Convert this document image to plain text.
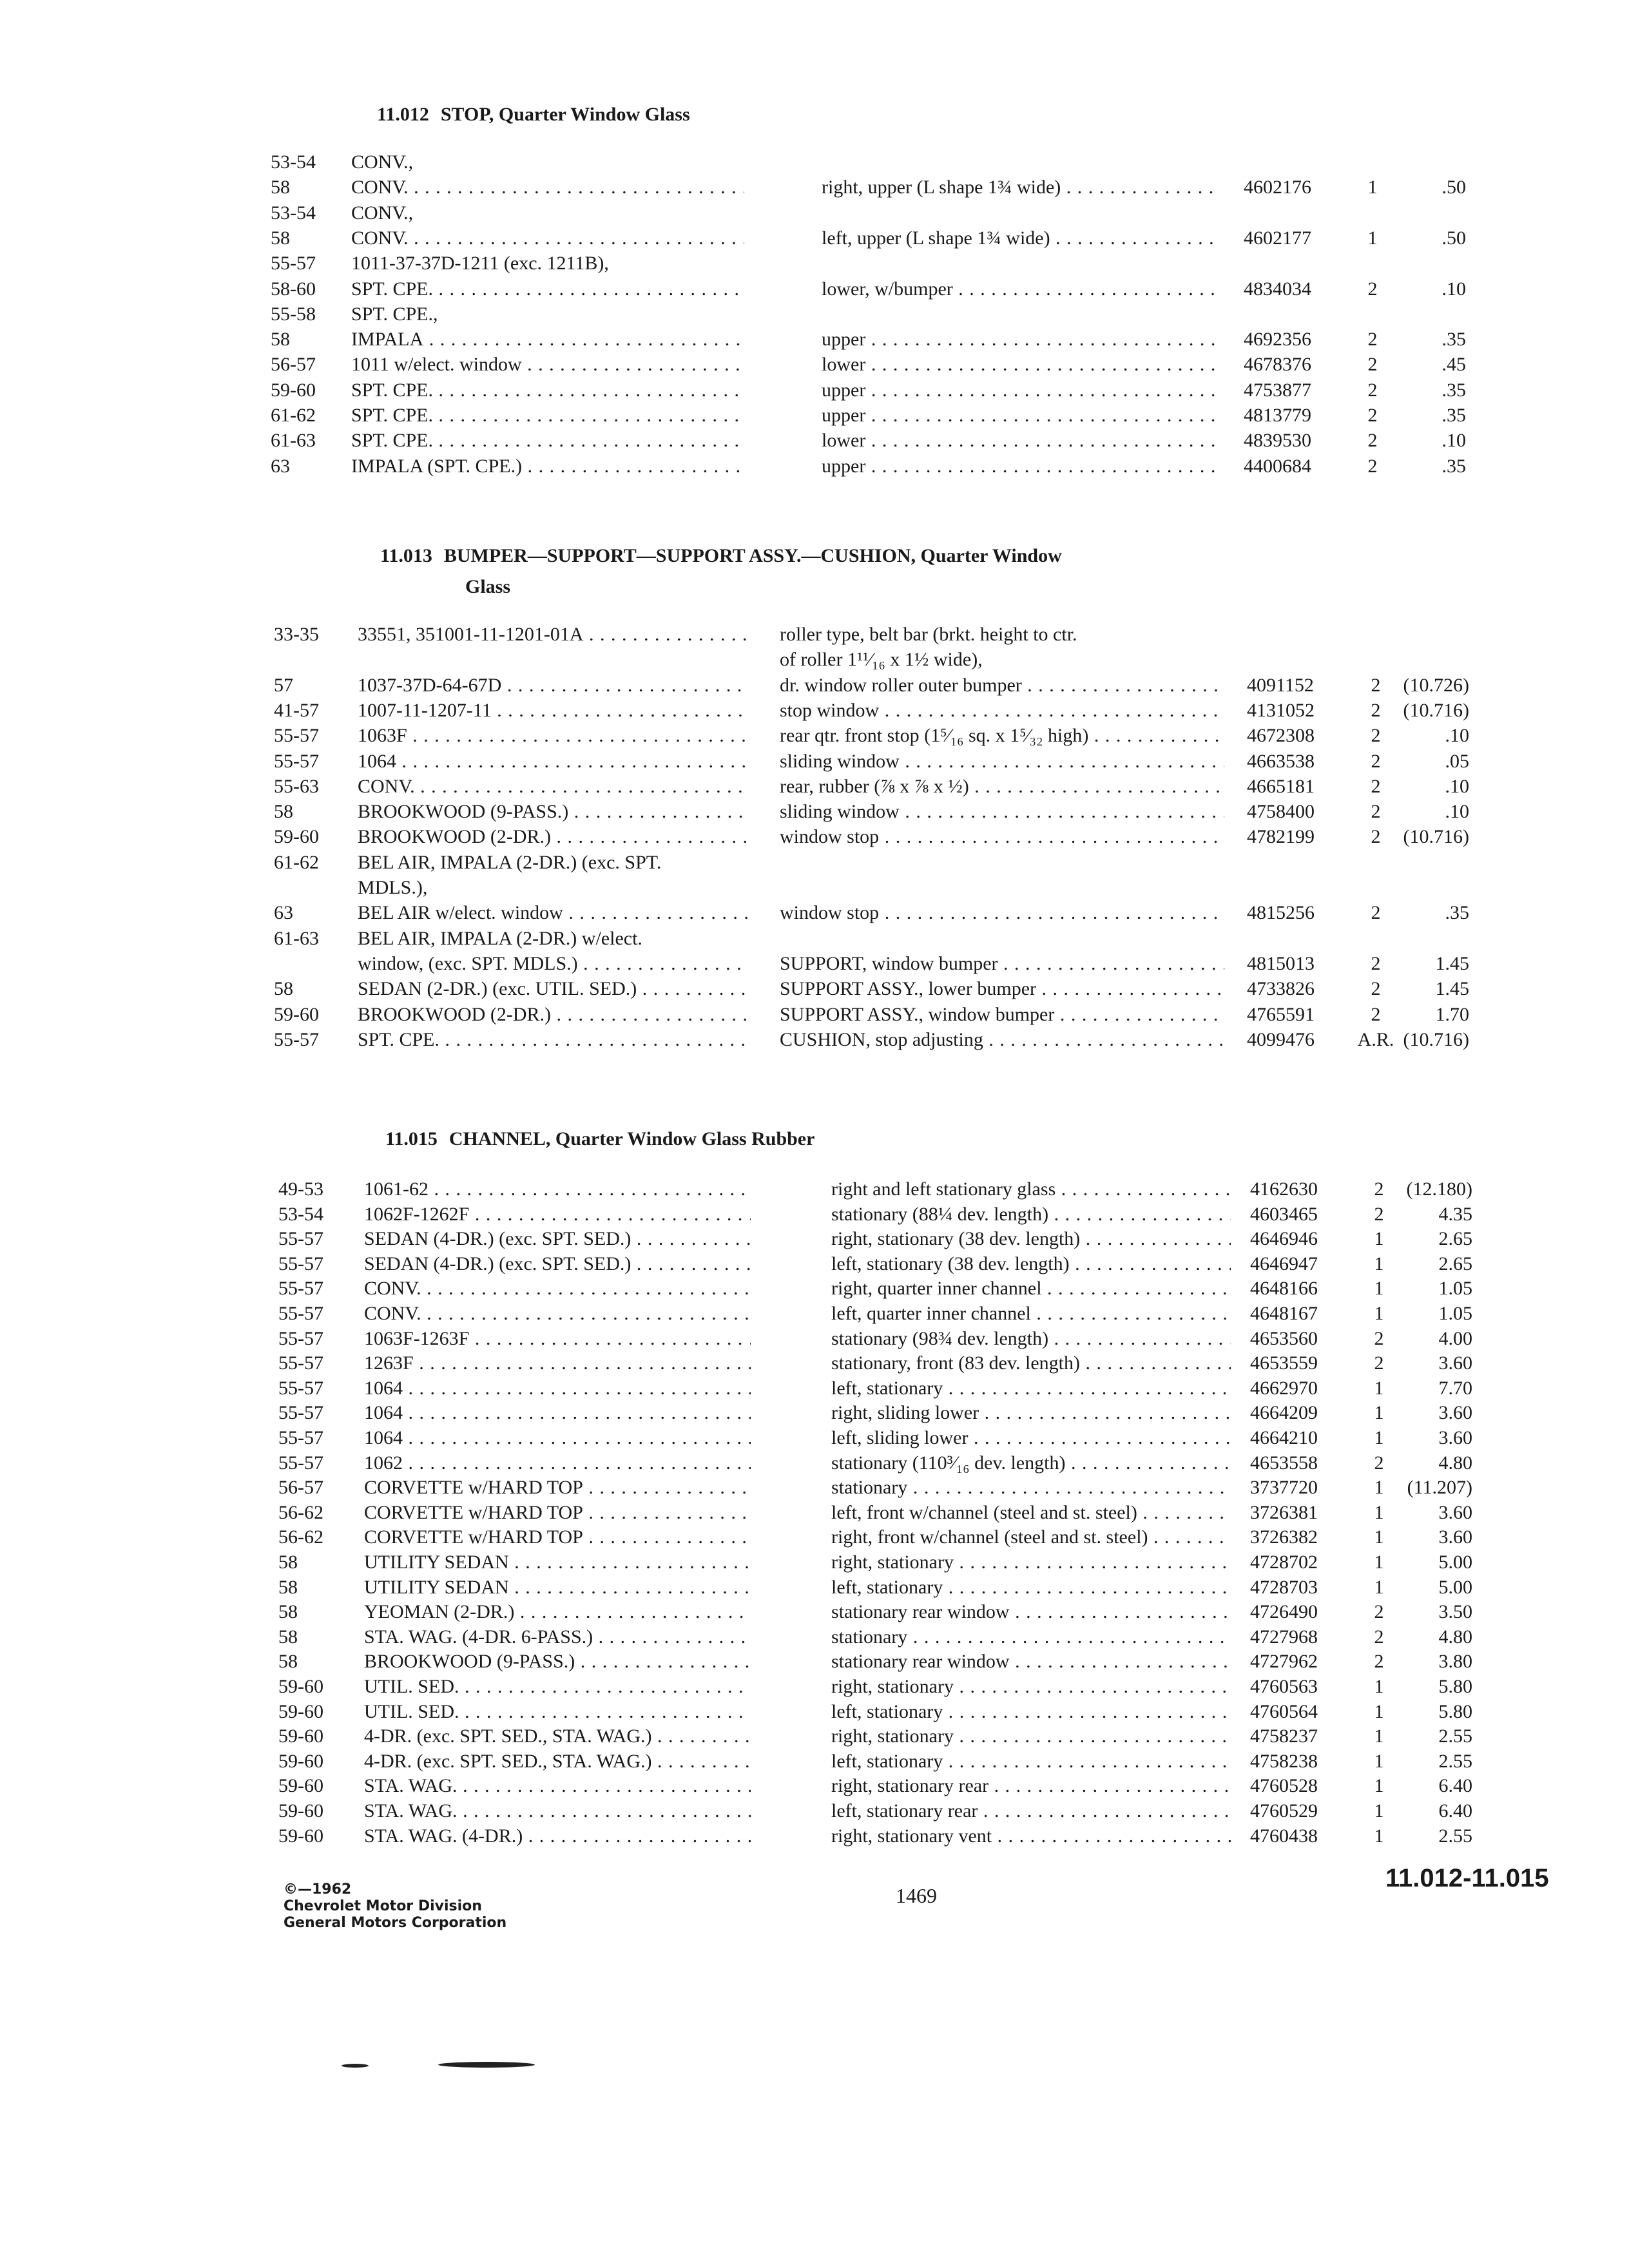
11.012 STOP, Quarter Window Glass
53-54	CONV.,
58	CONV. . . .	right, upper (L shape 1¾ wide) . . .	4602176	1	.50
53-54	CONV.,
58	CONV. . . .	left, upper (L shape 1¾ wide) . . .	4602177	1	.50
55-57	1011-37-37D-1211 (exc. 1211B),
58-60	SPT. CPE. . . .	lower, w/bumper . . .	4834034	2	.10
55-58	SPT. CPE.,
58	IMPALA . . .	upper . . .	4692356	2	.35
56-57	1011 w/elect. window . . .	lower . . .	4678376	2	.45
59-60	SPT. CPE. . . .	upper . . .	4753877	2	.35
61-62	SPT. CPE. . . .	upper . . .	4813779	2	.35
61-63	SPT. CPE. . . .	lower . . .	4839530	2	.10
63	IMPALA (SPT. CPE.) . . .	upper . . .	4400684	2	.35
11.013 BUMPER—SUPPORT—SUPPORT ASSY.—CUSHION, Quarter Window
Glass
33-35	33551, 351001-11-1201-01A . . .	roller type, belt bar (brkt. height to ctr.
of roller 1¹¹⁄₁₆ x 1½ wide),
57	1037-37D-64-67D . . .	dr. window roller outer bumper . . .	4091152	2	(10.726)
41-57	1007-11-1207-11 . . .	stop window . . .	4131052	2	(10.716)
55-57	1063F . . .	rear qtr. front stop (1⁵⁄₁₆ sq. x 1⁵⁄₃₂ high) . . .	4672308	2	.10
55-57	1064 . . .	sliding window . . .	4663538	2	.05
55-63	CONV. . . .	rear, rubber (⅞ x ⅞ x ½) . . .	4665181	2	.10
58	BROOKWOOD (9-PASS.) . . .	sliding window . . .	4758400	2	.10
59-60	BROOKWOOD (2-DR.) . . .	window stop . . .	4782199	2	(10.716)
61-62	BEL AIR, IMPALA (2-DR.) (exc. SPT.
MDLS.),
63	BEL AIR w/elect. window . . .	window stop . . .	4815256	2	.35
61-63	BEL AIR, IMPALA (2-DR.) w/elect.
window, (exc. SPT. MDLS.) . . .	SUPPORT, window bumper . . .	4815013	2	1.45
58	SEDAN (2-DR.) (exc. UTIL. SED.) . . .	SUPPORT ASSY., lower bumper . . .	4733826	2	1.45
59-60	BROOKWOOD (2-DR.) . . .	SUPPORT ASSY., window bumper . . .	4765591	2	1.70
55-57	SPT. CPE. . . .	CUSHION, stop adjusting . . .	4099476	A.R. (10.716)
11.015 CHANNEL, Quarter Window Glass Rubber
49-53	1061-62 . . .	right and left stationary glass . . .	4162630	2	(12.180)
53-54	1062F-1262F . . .	stationary (88¼ dev. length) . . .	4603465	2	4.35
55-57	SEDAN (4-DR.) (exc. SPT. SED.) . . .	right, stationary (38 dev. length) . . .	4646946	1	2.65
55-57	SEDAN (4-DR.) (exc. SPT. SED.) . . .	left, stationary (38 dev. length) . . .	4646947	1	2.65
55-57	CONV. . . .	right, quarter inner channel . . .	4648166	1	1.05
55-57	CONV. . . .	left, quarter inner channel . . .	4648167	1	1.05
55-57	1063F-1263F . . .	stationary (98¾ dev. length) . . .	4653560	2	4.00
55-57	1263F . . .	stationary, front (83 dev. length) . . .	4653559	2	3.60
55-57	1064 . . .	left, stationary . . .	4662970	1	7.70
55-57	1064 . . .	right, sliding lower . . .	4664209	1	3.60
55-57	1064 . . .	left, sliding lower . . .	4664210	1	3.60
55-57	1062 . . .	stationary (110³⁄₁₆ dev. length) . . .	4653558	2	4.80
56-57	CORVETTE w/HARD TOP . . .	stationary . . .	3737720	1	(11.207)
56-62	CORVETTE w/HARD TOP . . .	left, front w/channel (steel and st. steel) . . .	3726381	1	3.60
56-62	CORVETTE w/HARD TOP . . .	right, front w/channel (steel and st. steel) . . .	3726382	1	3.60
58	UTILITY SEDAN . . .	right, stationary . . .	4728702	1	5.00
58	UTILITY SEDAN . . .	left, stationary . . .	4728703	1	5.00
58	YEOMAN (2-DR.) . . .	stationary rear window . . .	4726490	2	3.50
58	STA. WAG. (4-DR. 6-PASS.) . . .	stationary . . .	4727968	2	4.80
58	BROOKWOOD (9-PASS.) . . .	stationary rear window . . .	4727962	2	3.80
59-60	UTIL. SED. . . .	right, stationary . . .	4760563	1	5.80
59-60	UTIL. SED. . . .	left, stationary . . .	4760564	1	5.80
59-60	4-DR. (exc. SPT. SED., STA. WAG.) . . .	right, stationary . . .	4758237	1	2.55
59-60	4-DR. (exc. SPT. SED., STA. WAG.) . . .	left, stationary . . .	4758238	1	2.55
59-60	STA. WAG. . . .	right, stationary rear . . .	4760528	1	6.40
59-60	STA. WAG. . . .	left, stationary rear . . .	4760529	1	6.40
59-60	STA. WAG. (4-DR.) . . .	right, stationary vent . . .	4760438	1	2.55
©—1962
Chevrolet Motor Division
General Motors Corporation
1469
11.012-11.015
